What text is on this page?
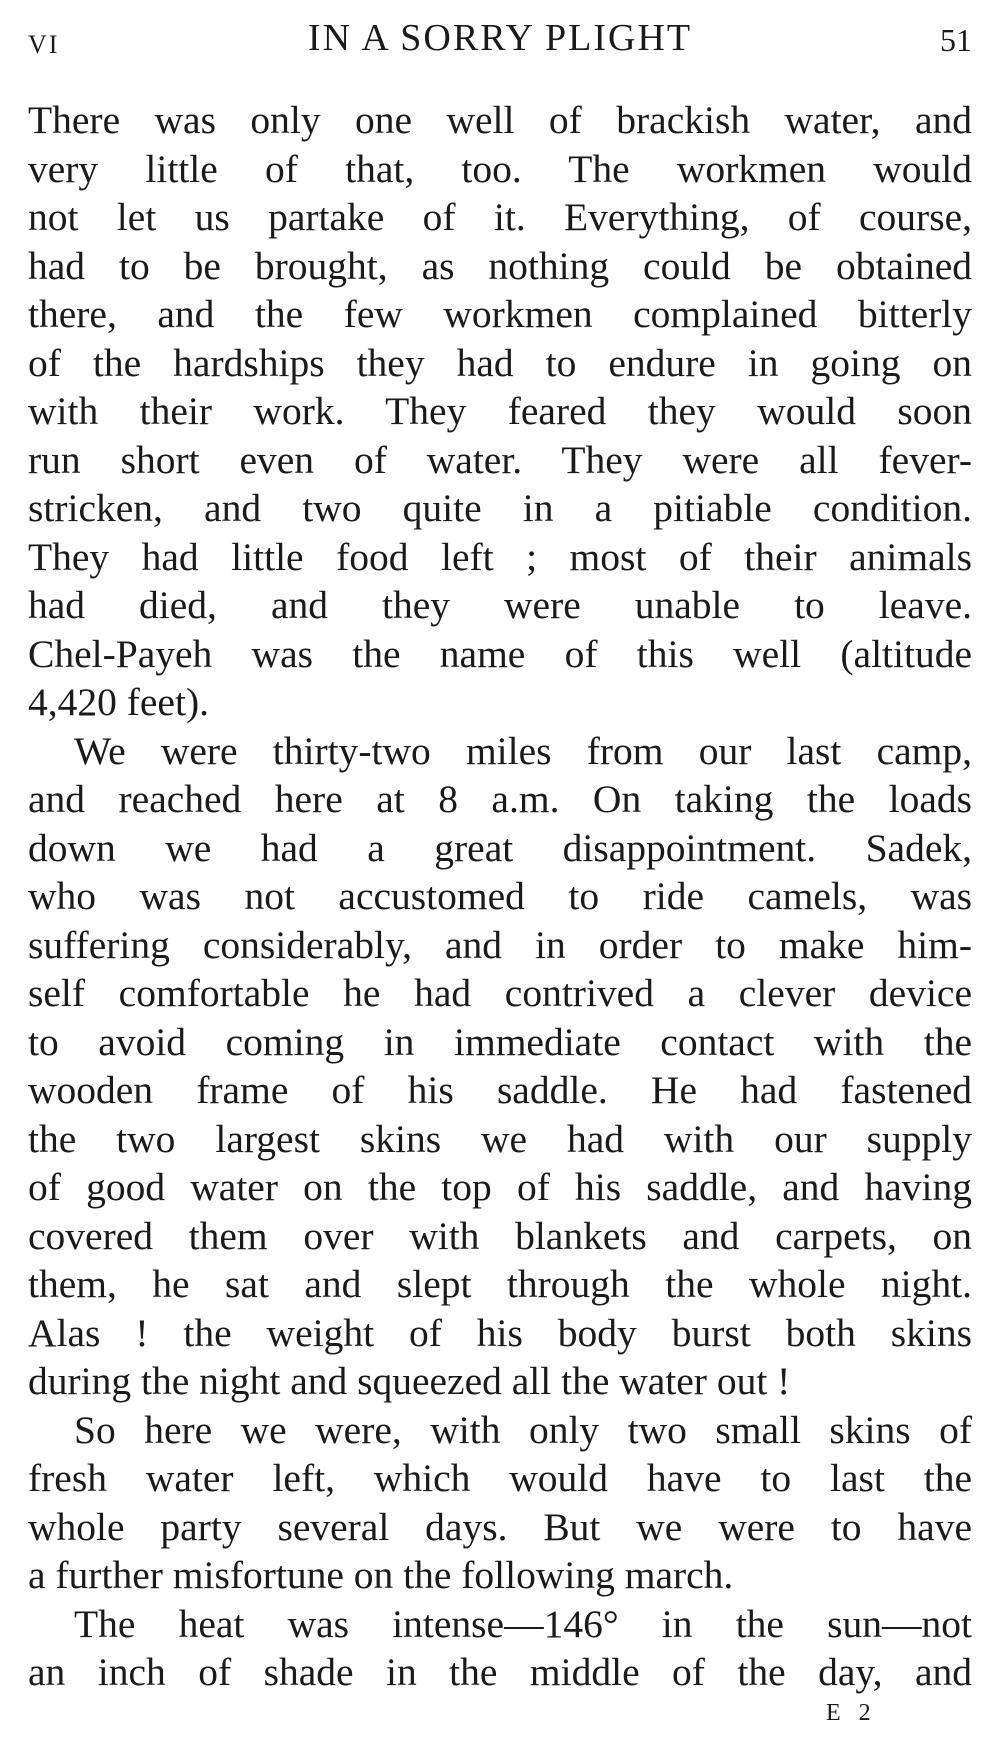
VI	IN A SORRY PLIGHT	51
There was only one well of brackish water, and
very little of that, too. The workmen would
not let us partake of it. Everything, of course,
had to be brought, as nothing could be obtained
there, and the few workmen complained bitterly
of the hardships they had to endure in going on
with their work. They feared they would soon
run short even of water. They were all fever-
stricken, and two quite in a pitiable condition.
They had little food left ; most of their animals
had died, and they were unable to leave.
Chel-Payeh was the name of this well (altitude
4,420 feet).
We were thirty-two miles from our last camp,
and reached here at 8 a.m. On taking the loads
down we had a great disappointment. Sadek,
who was not accustomed to ride camels, was
suffering considerably, and in order to make him-
self comfortable he had contrived a clever device
to avoid coming in immediate contact with the
wooden frame of his saddle. He had fastened
the two largest skins we had with our supply
of good water on the top of his saddle, and having
covered them over with blankets and carpets, on
them, he sat and slept through the whole night.
Alas ! the weight of his body burst both skins
during the night and squeezed all the water out !
So here we were, with only two small skins of
fresh water left, which would have to last the
whole party several days. But we were to have
a further misfortune on the following march.
The heat was intense—146° in the sun—not
an inch of shade in the middle of the day, and
E 2
